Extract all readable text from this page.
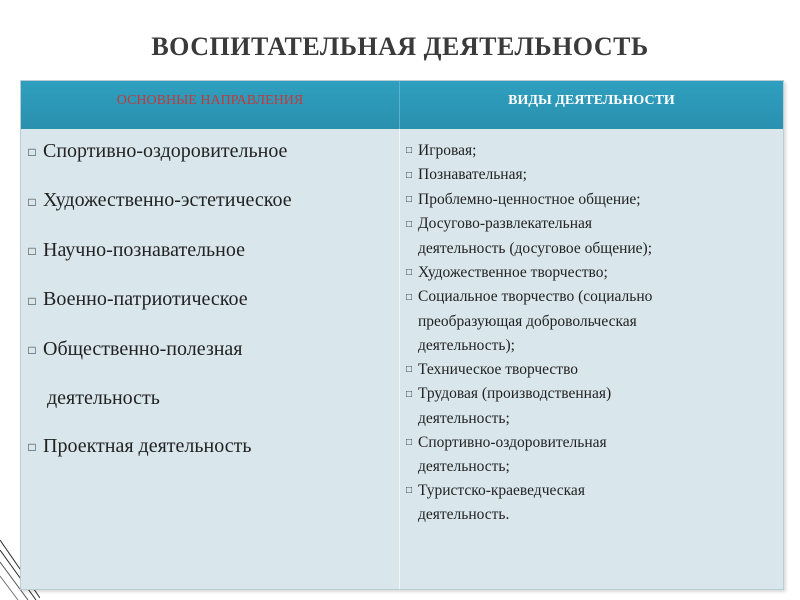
ВОСПИТАТЕЛЬНАЯ ДЕЯТЕЛЬНОСТЬ
ОСНОВНЫЕ НАПРАВЛЕНИЯ	ВИДЫ ДЕЯТЕЛЬНОСТИ
□ Спортивно-оздоровительное
□ Художественно-эстетическое
□ Научно-познавательное
□ Военно-патриотическое
□ Общественно-полезная
деятельность
□ Проектная деятельность
□ Игровая;
□ Познавательная;
□ Проблемно-ценностное общение;
□ Досугово-развлекательная
деятельность (досуговое общение);
□ Художественное творчество;
□ Социальное творчество (социально
преобразующая добровольческая
деятельность);
□ Техническое творчество
□ Трудовая (производственная)
деятельность;
□ Спортивно-оздоровительная
деятельность;
□ Туристско-краеведческая
деятельность.
